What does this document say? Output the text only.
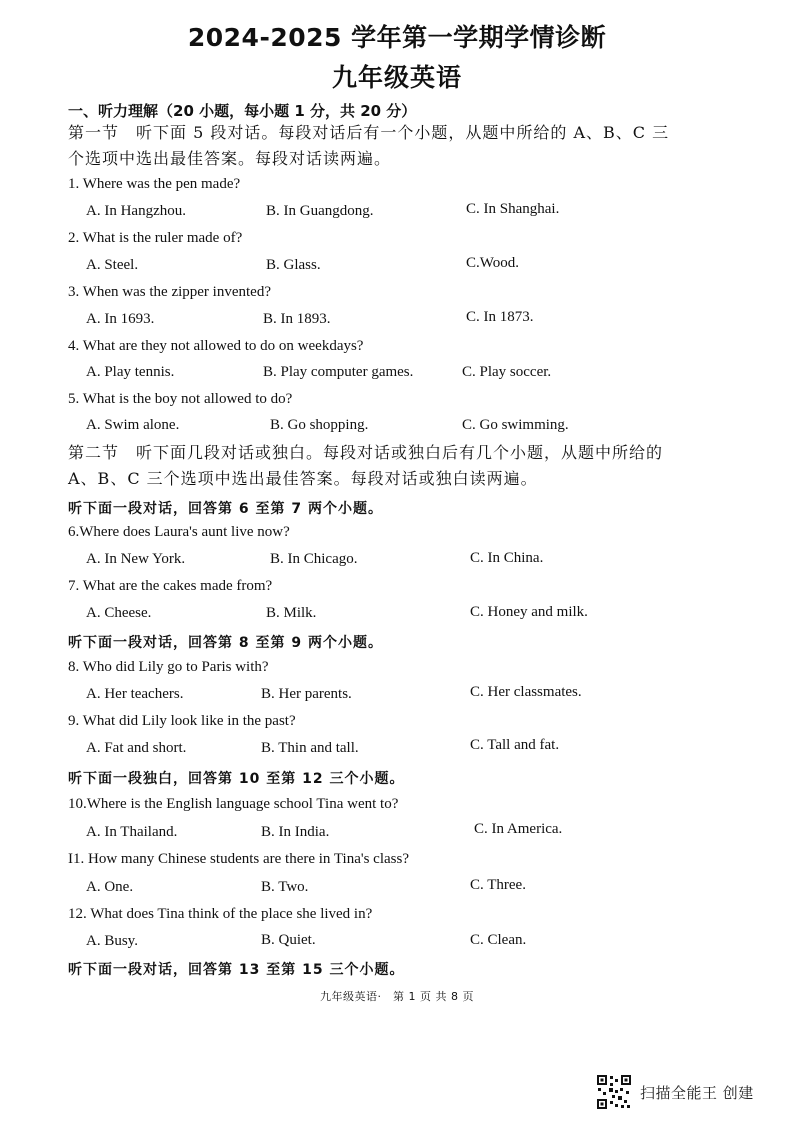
2024-2025 学年第一学期学情诊断
九年级英语
一、听力理解（20 小题，每小题 1 分，共 20 分）
第一节　听下面 5 段对话。每段对话后有一个小题，从题中所给的 A、B、C 三
个选项中选出最佳答案。每段对话读两遍。
1. Where was the pen made?
A. In Hangzhou.	B. In Guangdong.	C. In Shanghai.
2. What is the ruler made of?
A. Steel.	B. Glass.	C.Wood.
3. When was the zipper invented?
A. In 1693.	B. In 1893.	C. In 1873.
4. What are they not allowed to do on weekdays?
A. Play tennis.	B. Play computer games.	C. Play soccer.
5. What is the boy not allowed to do?
A. Swim alone.	B. Go shopping.	C. Go swimming.
第二节　听下面几段对话或独白。每段对话或独白后有几个小题，从题中所给的
A、B、C 三个选项中选出最佳答案。每段对话或独白读两遍。
听下面一段对话，回答第 6 至第 7 两个小题。
6.Where does Laura's aunt live now?
A. In New York.	B. In Chicago.	C. In China.
7. What are the cakes made from?
A. Cheese.	B. Milk.	C. Honey and milk.
听下面一段对话，回答第 8 至第 9 两个小题。
8. Who did Lily go to Paris with?
A. Her teachers.	B. Her parents.	C. Her classmates.
9. What did Lily look like in the past?
A. Fat and short.	B. Thin and tall.	C. Tall and fat.
听下面一段独白，回答第 10 至第 12 三个小题。
10.Where is the English language school Tina went to?
A. In Thailand.	B. In India.	C. In America.
I1. How many Chinese students are there in Tina's class?
A. One.	B. Two.	C. Three.
12. What does Tina think of the place she lived in?
A. Busy.	B. Quiet.	C. Clean.
听下面一段对话，回答第 13 至第 15 三个小题。
九年级英语·　第 1 页 共 8 页
扫描全能王 创建
